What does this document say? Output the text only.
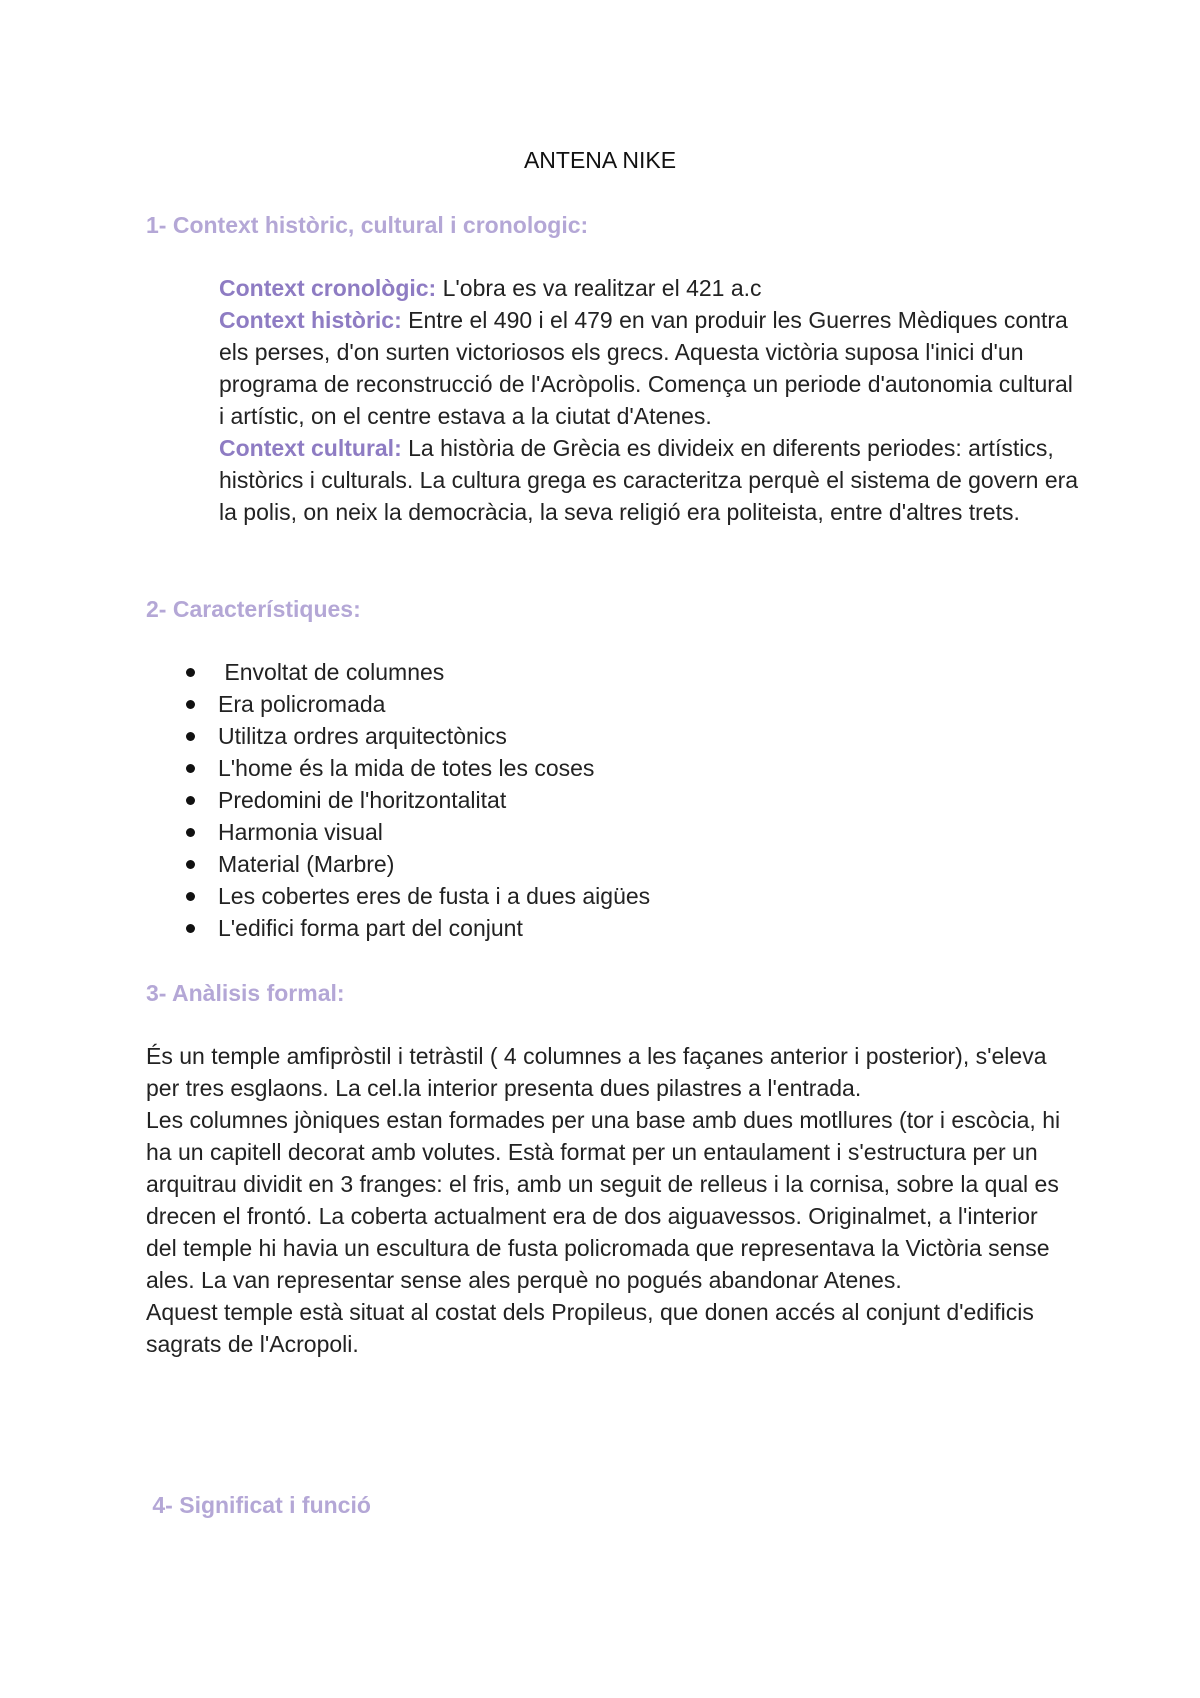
ANTENA NIKE
1- Context històric, cultural i cronologic:

Context cronològic: L'obra es va realitzar el 421 a.c

Context històric: Entre el 490 i el 479 en van produir les Guerres Mèdiques contra els perses, d'on surten victoriosos els grecs. Aquesta victòria suposa l'inici d'un programa de reconstrucció de l'Acròpolis. Comença un periode d'autonomia cultural i artístic, on el centre estava a la ciutat d'Atenes.

Context cultural: La història de Grècia es divideix en diferents periodes: artístics, històrics i culturals. La cultura grega es caracteritza perquè el sistema de govern era la polis, on neix la democràcia, la seva religió era politeista, entre d'altres trets.

2- Característiques:
Envoltat de columnes
Era policromada
Utilitza ordres arquitectònics
L'home és la mida de totes les coses
Predomini de l'horitzontalitat
Harmonia visual
Material (Marbre)
Les cobertes eres de fusta i a dues aigües
L'edifici forma part del conjunt
3- Anàlisis formal:

És un temple amfipròstil i tetràstil ( 4 columnes a les façanes anterior i posterior), s'eleva per tres esglaons. La cel.la interior presenta dues pilastres a l'entrada.

Les columnes jòniques estan formades per una base amb dues motllures (tor i escòcia, hi ha un capitell decorat amb volutes. Està format per un entaulament i s'estructura per un arquitrau dividit en 3 franges: el fris, amb un seguit de relleus i la cornisa, sobre la qual es drecen el frontó. La coberta actualment era de dos aiguavessos. Originalmet, a l'interior del temple hi havia un escultura de fusta policromada que representava la Victòria sense ales. La van representar sense ales perquè no pogués abandonar Atenes.

Aquest temple està situat al costat dels Propileus, que donen accés al conjunt d'edificis sagrats de l'Acropoli.

4- Significat i funció
